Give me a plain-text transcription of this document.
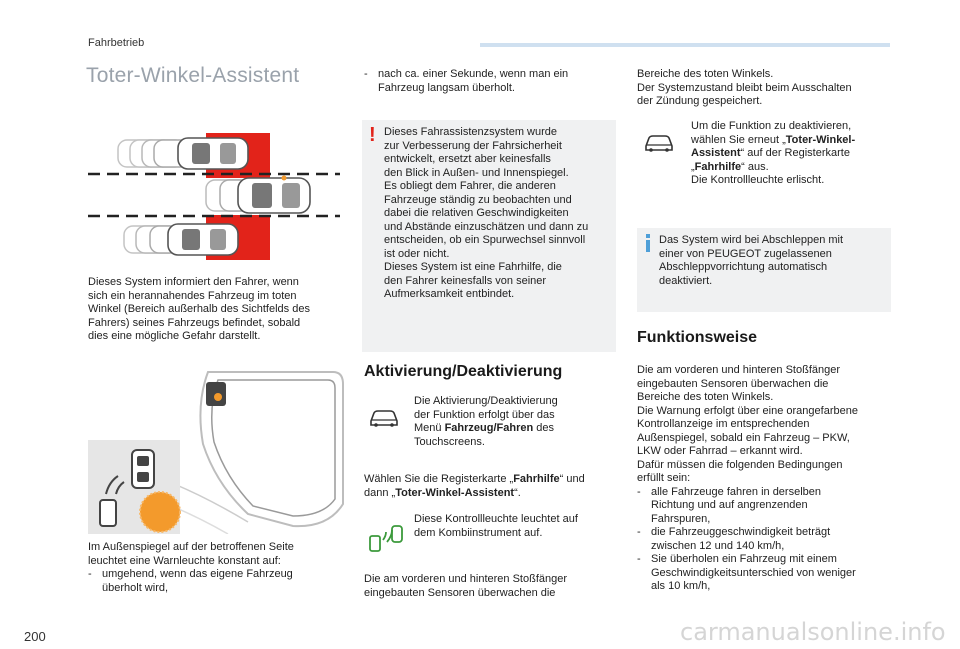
Fahrbetrieb
Toter-Winkel-Assistent

Dieses System informiert den Fahrer, wenn

sich ein herannahendes Fahrzeug im toten

Winkel (Bereich außerhalb des Sichtfelds des

Fahrers) seines Fahrzeugs befindet, sobald

dies eine mögliche Gefahr darstellt.

Im Außenspiegel auf der betroffenen Seite

leuchtet eine Warnleuchte konstant auf:

- umgehend, wenn das eigene Fahrzeug

überholt wird,

- nach ca. einer Sekunde, wenn man ein

Fahrzeug langsam überholt.

! Dieses Fahrassistenzsystem wurde

zur Verbesserung der Fahrsicherheit

entwickelt, ersetzt aber keinesfalls

den Blick in Außen- und Innenspiegel.

Es obliegt dem Fahrer, die anderen

Fahrzeuge ständig zu beobachten und

dabei die relativen Geschwindigkeiten

und Abstände einzuschätzen und dann zu

entscheiden, ob ein Spurwechsel sinnvoll

ist oder nicht.

Dieses System ist eine Fahrhilfe, die

den Fahrer keinesfalls von seiner

Aufmerksamkeit entbindet.

Aktivierung/Deaktivierung

Die Aktivierung/Deaktivierung

der Funktion erfolgt über das

Menü Fahrzeug/Fahren des

Touchscreens.

Wählen Sie die Registerkarte „Fahrhilfe“ und

dann „Toter-Winkel-Assistent“.

Diese Kontrollleuchte leuchtet auf

dem Kombiinstrument auf.

Die am vorderen und hinteren Stoßfänger

eingebauten Sensoren überwachen die

Bereiche des toten Winkels.

Der Systemzustand bleibt beim Ausschalten

der Zündung gespeichert.

Um die Funktion zu deaktivieren,

wählen Sie erneut „Toter-Winkel-

Assistent“ auf der Registerkarte

„Fahrhilfe“ aus.

Die Kontrollleuchte erlischt.

Das System wird bei Abschleppen mit

einer von PEUGEOT zugelassenen

Abschleppvorrichtung automatisch

deaktiviert.

Funktionsweise

Die am vorderen und hinteren Stoßfänger

eingebauten Sensoren überwachen die

Bereiche des toten Winkels.

Die Warnung erfolgt über eine orangefarbene

Kontrollanzeige im entsprechenden

Außenspiegel, sobald ein Fahrzeug – PKW,

LKW oder Fahrrad – erkannt wird.

Dafür müssen die folgenden Bedingungen

erfüllt sein:

- alle Fahrzeuge fahren in derselben

Richtung und auf angrenzenden

Fahrspuren,

- die Fahrzeuggeschwindigkeit beträgt

zwischen 12 und 140 km/h,

- Sie überholen ein Fahrzeug mit einem

Geschwindigkeitsunterschied von weniger

als 10 km/h,

200	carmanualsonline.info
